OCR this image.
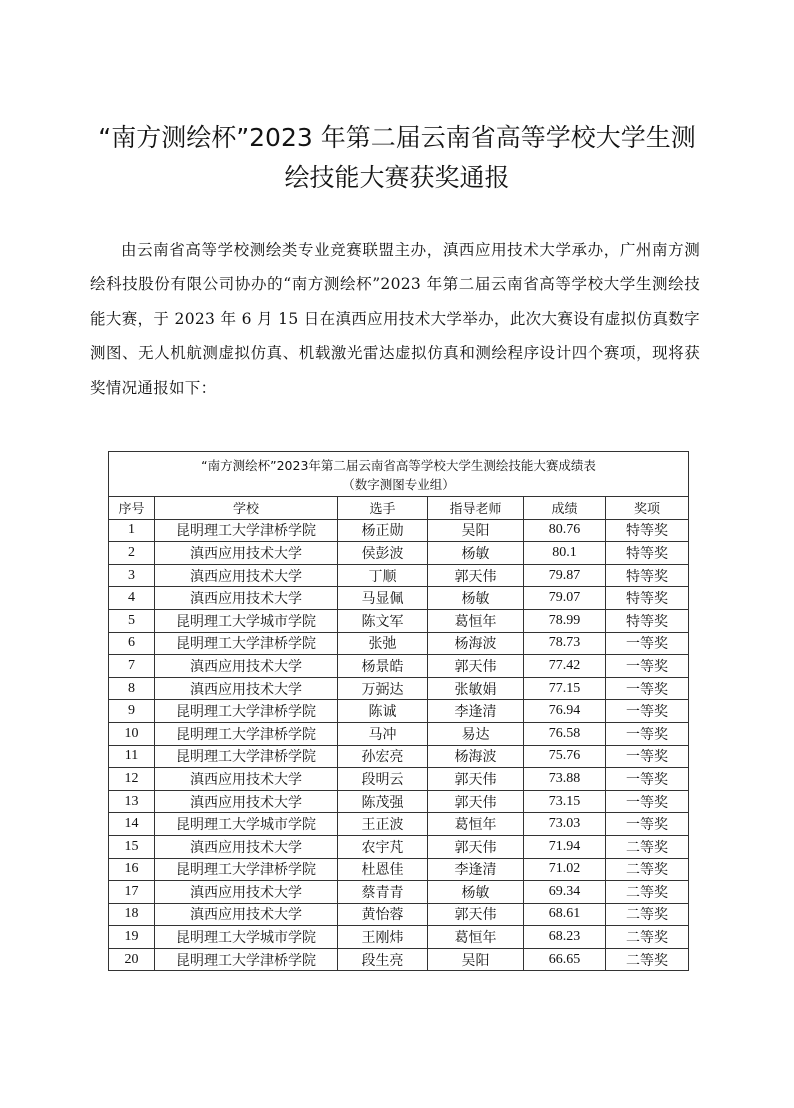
“南方测绘杯”2023 年第二届云南省高等学校大学生测
绘技能大赛获奖通报

由云南省高等学校测绘类专业竞赛联盟主办，滇西应用技术大学承办，广州南方测绘科技股份有限公司协办的“南方测绘杯”2023 年第二届云南省高等学校大学生测绘技能大赛，于 2023 年 6 月 15 日在滇西应用技术大学举办，此次大赛设有虚拟仿真数字测图、无人机航测虚拟仿真、机载激光雷达虚拟仿真和测绘程序设计四个赛项，现将获奖情况通报如下：

“南方测绘杯”2023年第二届云南省高等学校大学生测绘技能大赛成绩表
（数字测图专业组）					

序号	学校	选手	指导老师	成绩	奖项
1	昆明理工大学津桥学院	杨正勋	吴阳	80.76	特等奖
2	滇西应用技术大学	侯彭波	杨敏	80.1	特等奖
3	滇西应用技术大学	丁顺	郭天伟	79.87	特等奖
4	滇西应用技术大学	马显佩	杨敏	79.07	特等奖
5	昆明理工大学城市学院	陈文军	葛恒年	78.99	特等奖
6	昆明理工大学津桥学院	张弛	杨海波	78.73	一等奖
7	滇西应用技术大学	杨景皓	郭天伟	77.42	一等奖
8	滇西应用技术大学	万弼达	张敏娟	77.15	一等奖
9	昆明理工大学津桥学院	陈诚	李逢清	76.94	一等奖
10	昆明理工大学津桥学院	马冲	易达	76.58	一等奖
11	昆明理工大学津桥学院	孙宏亮	杨海波	75.76	一等奖
12	滇西应用技术大学	段明云	郭天伟	73.88	一等奖
13	滇西应用技术大学	陈茂强	郭天伟	73.15	一等奖
14	昆明理工大学城市学院	王正波	葛恒年	73.03	一等奖
15	滇西应用技术大学	农宇芃	郭天伟	71.94	二等奖
16	昆明理工大学津桥学院	杜恩佳	李逢清	71.02	二等奖
17	滇西应用技术大学	蔡青青	杨敏	69.34	二等奖
18	滇西应用技术大学	黄怡蓉	郭天伟	68.61	二等奖
19	昆明理工大学城市学院	王刚炜	葛恒年	68.23	二等奖
20	昆明理工大学津桥学院	段生亮	吴阳	66.65	二等奖
